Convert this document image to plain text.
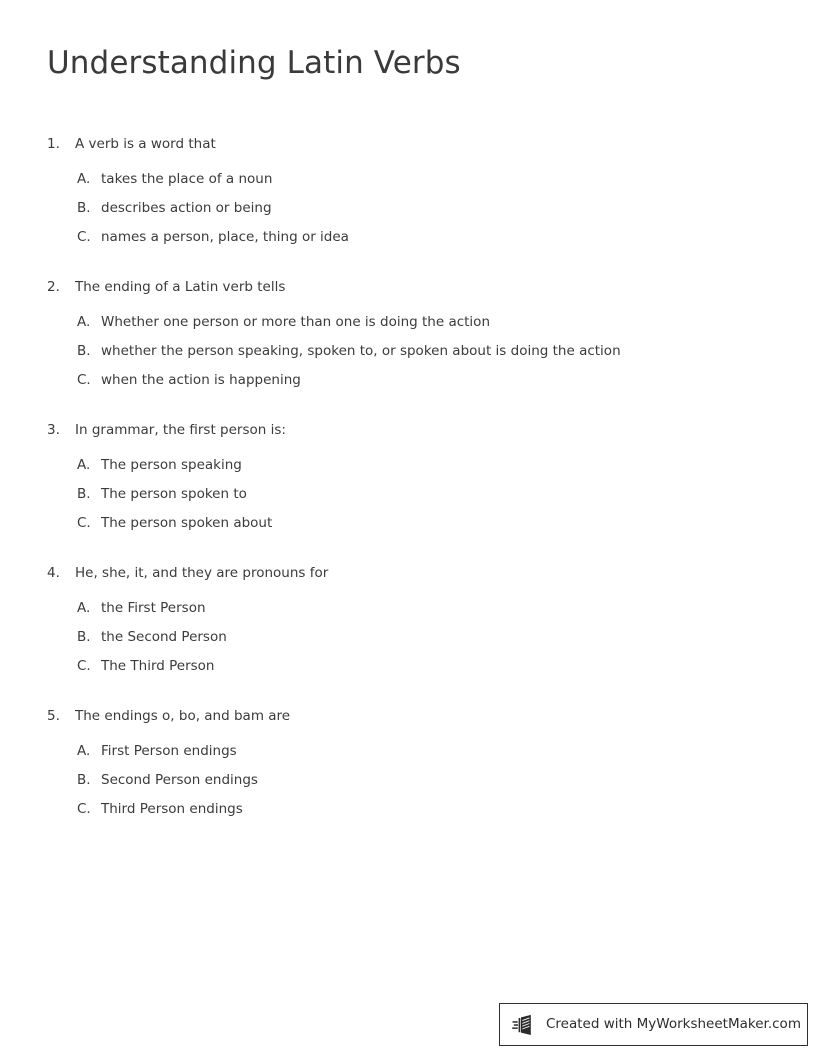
Understanding Latin Verbs
1.	A verb is a word that
A. takes the place of a noun
B. describes action or being
C. names a person, place, thing or idea
2.	The ending of a Latin verb tells
A. Whether one person or more than one is doing the action
B. whether the person speaking, spoken to, or spoken about is doing the action
C. when the action is happening
3.	In grammar, the first person is:
A. The person speaking
B. The person spoken to
C. The person spoken about
4.	He, she, it, and they are pronouns for
A. the First Person
B. the Second Person
C. The Third Person
5.	The endings o, bo, and bam are
A. First Person endings
B. Second Person endings
C. Third Person endings
Created with MyWorksheetMaker.com
